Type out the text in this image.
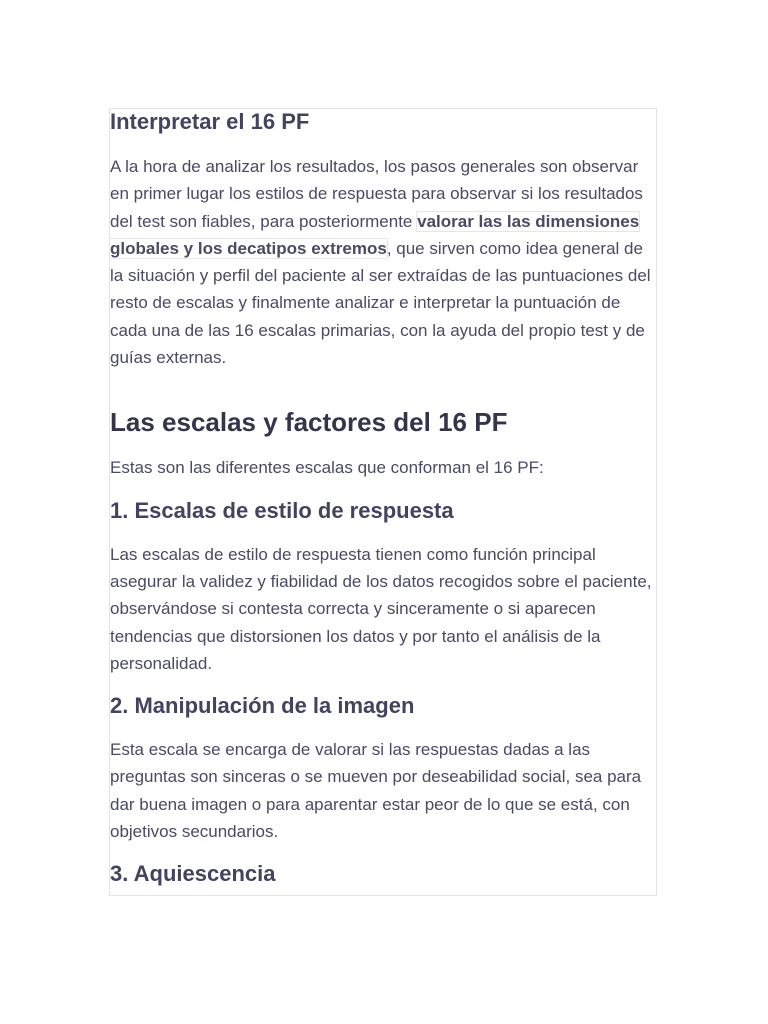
Interpretar el 16 PF

A la hora de analizar los resultados, los pasos generales son observar en primer lugar los estilos de respuesta para observar si los resultados del test son fiables, para posteriormente valorar las las dimensiones globales y los decatipos extremos, que sirven como idea general de la situación y perfil del paciente al ser extraídas de las puntuaciones del resto de escalas y finalmente analizar e interpretar la puntuación de cada una de las 16 escalas primarias, con la ayuda del propio test y de guías externas.

Las escalas y factores del 16 PF

Estas son las diferentes escalas que conforman el 16 PF:

1. Escalas de estilo de respuesta

Las escalas de estilo de respuesta tienen como función principal asegurar la validez y fiabilidad de los datos recogidos sobre el paciente, observándose si contesta correcta y sinceramente o si aparecen tendencias que distorsionen los datos y por tanto el análisis de la personalidad.

2. Manipulación de la imagen

Esta escala se encarga de valorar si las respuestas dadas a las preguntas son sinceras o se mueven por deseabilidad social, sea para dar buena imagen o para aparentar estar peor de lo que se está, con objetivos secundarios.

3. Aquiescencia
